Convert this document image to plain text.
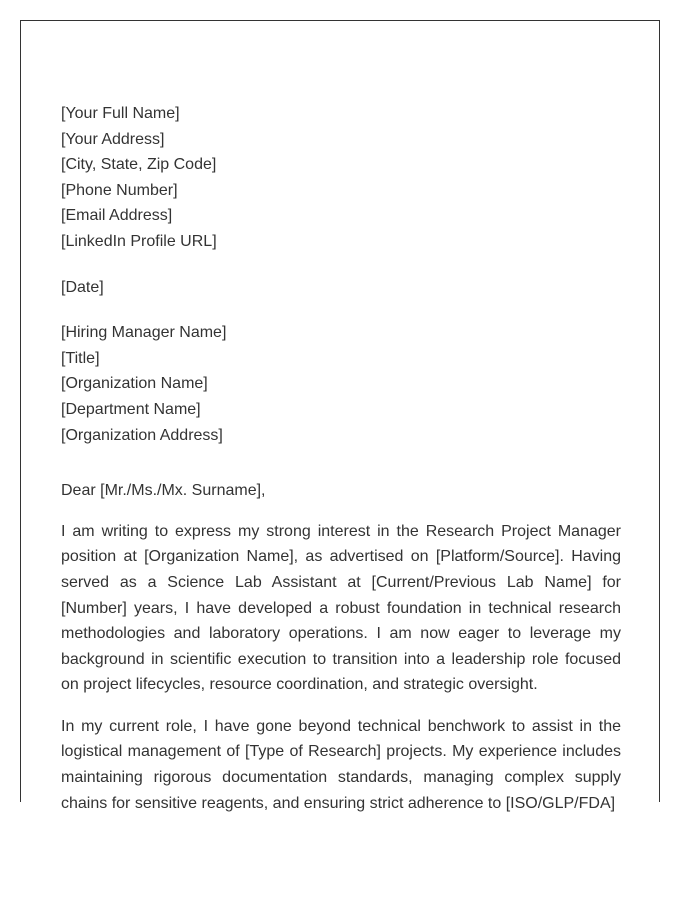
[Your Full Name]
[Your Address]
[City, State, Zip Code]
[Phone Number]
[Email Address]
[LinkedIn Profile URL]
[Date]
[Hiring Manager Name]
[Title]
[Organization Name]
[Department Name]
[Organization Address]
Dear [Mr./Ms./Mx. Surname],

I am writing to express my strong interest in the Research Project Manager position at [Organization Name], as advertised on [Platform/Source]. Having served as a Science Lab Assistant at [Current/Previous Lab Name] for [Number] years, I have developed a robust foundation in technical research methodologies and laboratory operations. I am now eager to leverage my background in scientific execution to transition into a leadership role focused on project lifecycles, resource coordination, and strategic oversight.

In my current role, I have gone beyond technical benchwork to assist in the logistical management of [Type of Research] projects. My experience includes maintaining rigorous documentation standards, managing complex supply chains for sensitive reagents, and ensuring strict adherence to [ISO/GLP/FDA]
